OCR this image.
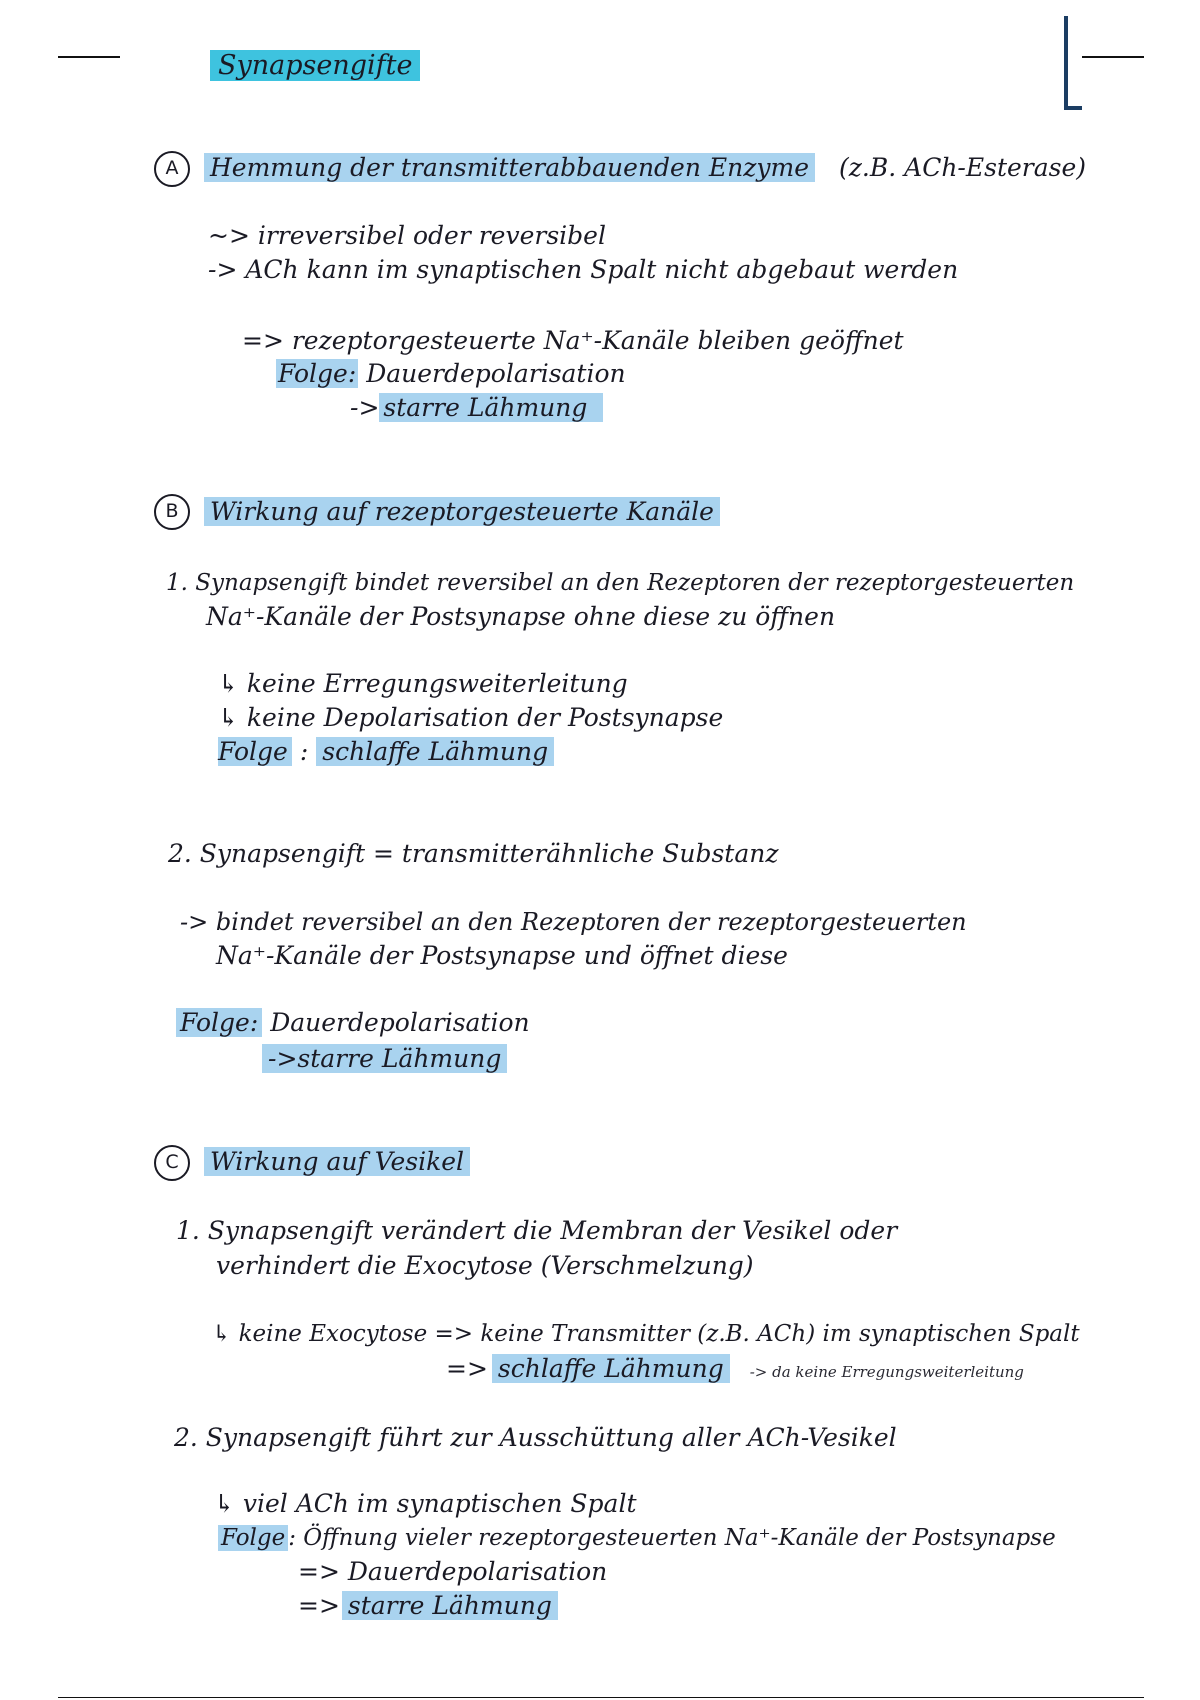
Synapsengifte
A	Hemmung der transmitterabbauenden Enzyme (z.B. ACh-Esterase)
~> irreversibel oder reversibel
-> ACh kann im synaptischen Spalt nicht abgebaut werden
=> rezeptorgesteuerte Na⁺-Kanäle bleiben geöffnet
Folge: Dauerdepolarisation
-> starre Lähmung
B	Wirkung auf rezeptorgesteuerte Kanäle
1. Synapsengift bindet reversibel an den Rezeptoren der rezeptorgesteuerten
Na⁺-Kanäle der Postsynapse ohne diese zu öffnen
↳ keine Erregungsweiterleitung
↳ keine Depolarisation der Postsynapse
Folge : schlaffe Lähmung
2. Synapsengift = transmitterähnliche Substanz
-> bindet reversibel an den Rezeptoren der rezeptorgesteuerten
Na⁺-Kanäle der Postsynapse und öffnet diese
Folge: Dauerdepolarisation
->starre Lähmung
C	Wirkung auf Vesikel
1. Synapsengift verändert die Membran der Vesikel oder
verhindert die Exocytose (Verschmelzung)
↳ keine Exocytose => keine Transmitter (z.B. ACh) im synaptischen Spalt
=> schlaffe Lähmung -> da keine Erregungsweiterleitung
2. Synapsengift führt zur Ausschüttung aller ACh-Vesikel
↳ viel ACh im synaptischen Spalt
Folge : Öffnung vieler rezeptorgesteuerten Na⁺-Kanäle der Postsynapse
=> Dauerdepolarisation
=> starre Lähmung
